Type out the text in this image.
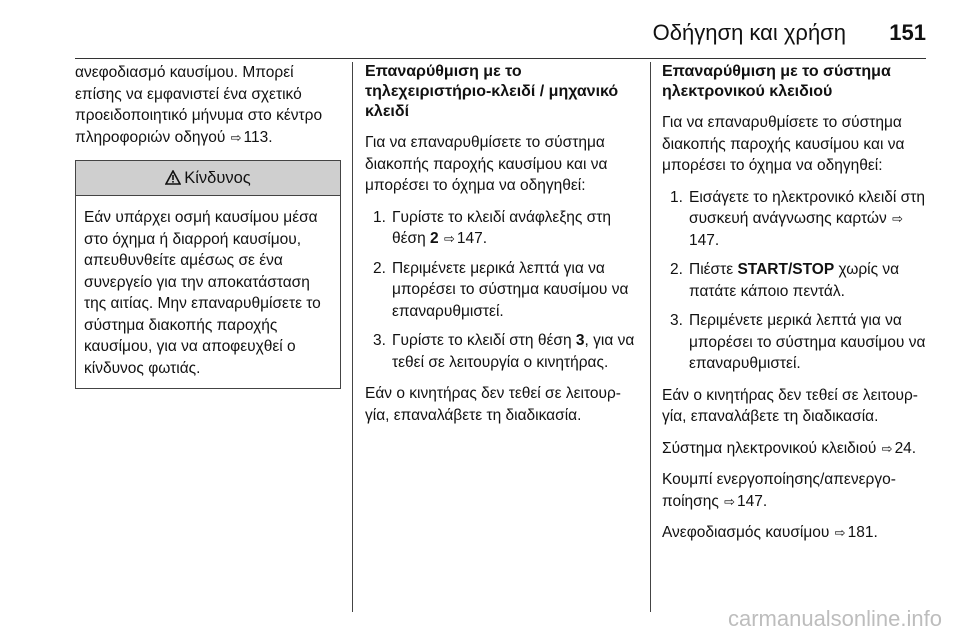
Οδήγηση και χρήση 151

ανεφοδιασμό καυσίμου. Μπορεί επίσης να εμφανιστεί ένα σχετικό προειδοποιητικό μήνυμα στο κέντρο πληροφοριών οδηγού ⇨ 113.

Κίνδυνος
Εάν υπάρχει οσμή καυσίμου μέσα στο όχημα ή διαρροή καυσίμου, απευθυνθείτε αμέσως σε ένα συνεργείο για την αποκατάσταση της αιτίας. Μην επαναρυθμίσετε το σύστημα διακοπής παροχής καυσίμου, για να αποφευχθεί ο κίνδυνος φωτιάς.
Επαναρύθμιση με το τηλεχειριστήριο-κλειδί / μηχανικό κλειδί

Για να επαναρυθμίσετε το σύστημα διακοπής παροχής καυσίμου και να μπορέσει το όχημα να οδηγηθεί:

1. Γυρίστε το κλειδί ανάφλεξης στη θέση 2 ⇨ 147.
2. Περιμένετε μερικά λεπτά για να μπορέσει το σύστημα καυσίμου να επαναρυθμιστεί.
3. Γυρίστε το κλειδί στη θέση 3, για να τεθεί σε λειτουργία ο κινητήρας.

Εάν ο κινητήρας δεν τεθεί σε λειτουρ- γία, επαναλάβετε τη διαδικασία.

Επαναρύθμιση με το σύστημα ηλεκτρονικού κλειδιού

Για να επαναρυθμίσετε το σύστημα διακοπής παροχής καυσίμου και να μπορέσει το όχημα να οδηγηθεί:

1. Εισάγετε το ηλεκτρονικό κλειδί στη συσκευή ανάγνωσης καρτών ⇨147.
2. Πιέστε START/STOP χωρίς να πατάτε κάποιο πεντάλ.
3. Περιμένετε μερικά λεπτά για να μπορέσει το σύστημα καυσίμου να επαναρυθμιστεί.

Εάν ο κινητήρας δεν τεθεί σε λειτουρ- γία, επαναλάβετε τη διαδικασία.

Σύστημα ηλεκτρονικού κλειδιού ⇨ 24.

Κουμπί ενεργοποίησης/απενεργο- ποίησης ⇨ 147.

Ανεφοδιασμός καυσίμου ⇨ 181.

carmanualsonline.info
